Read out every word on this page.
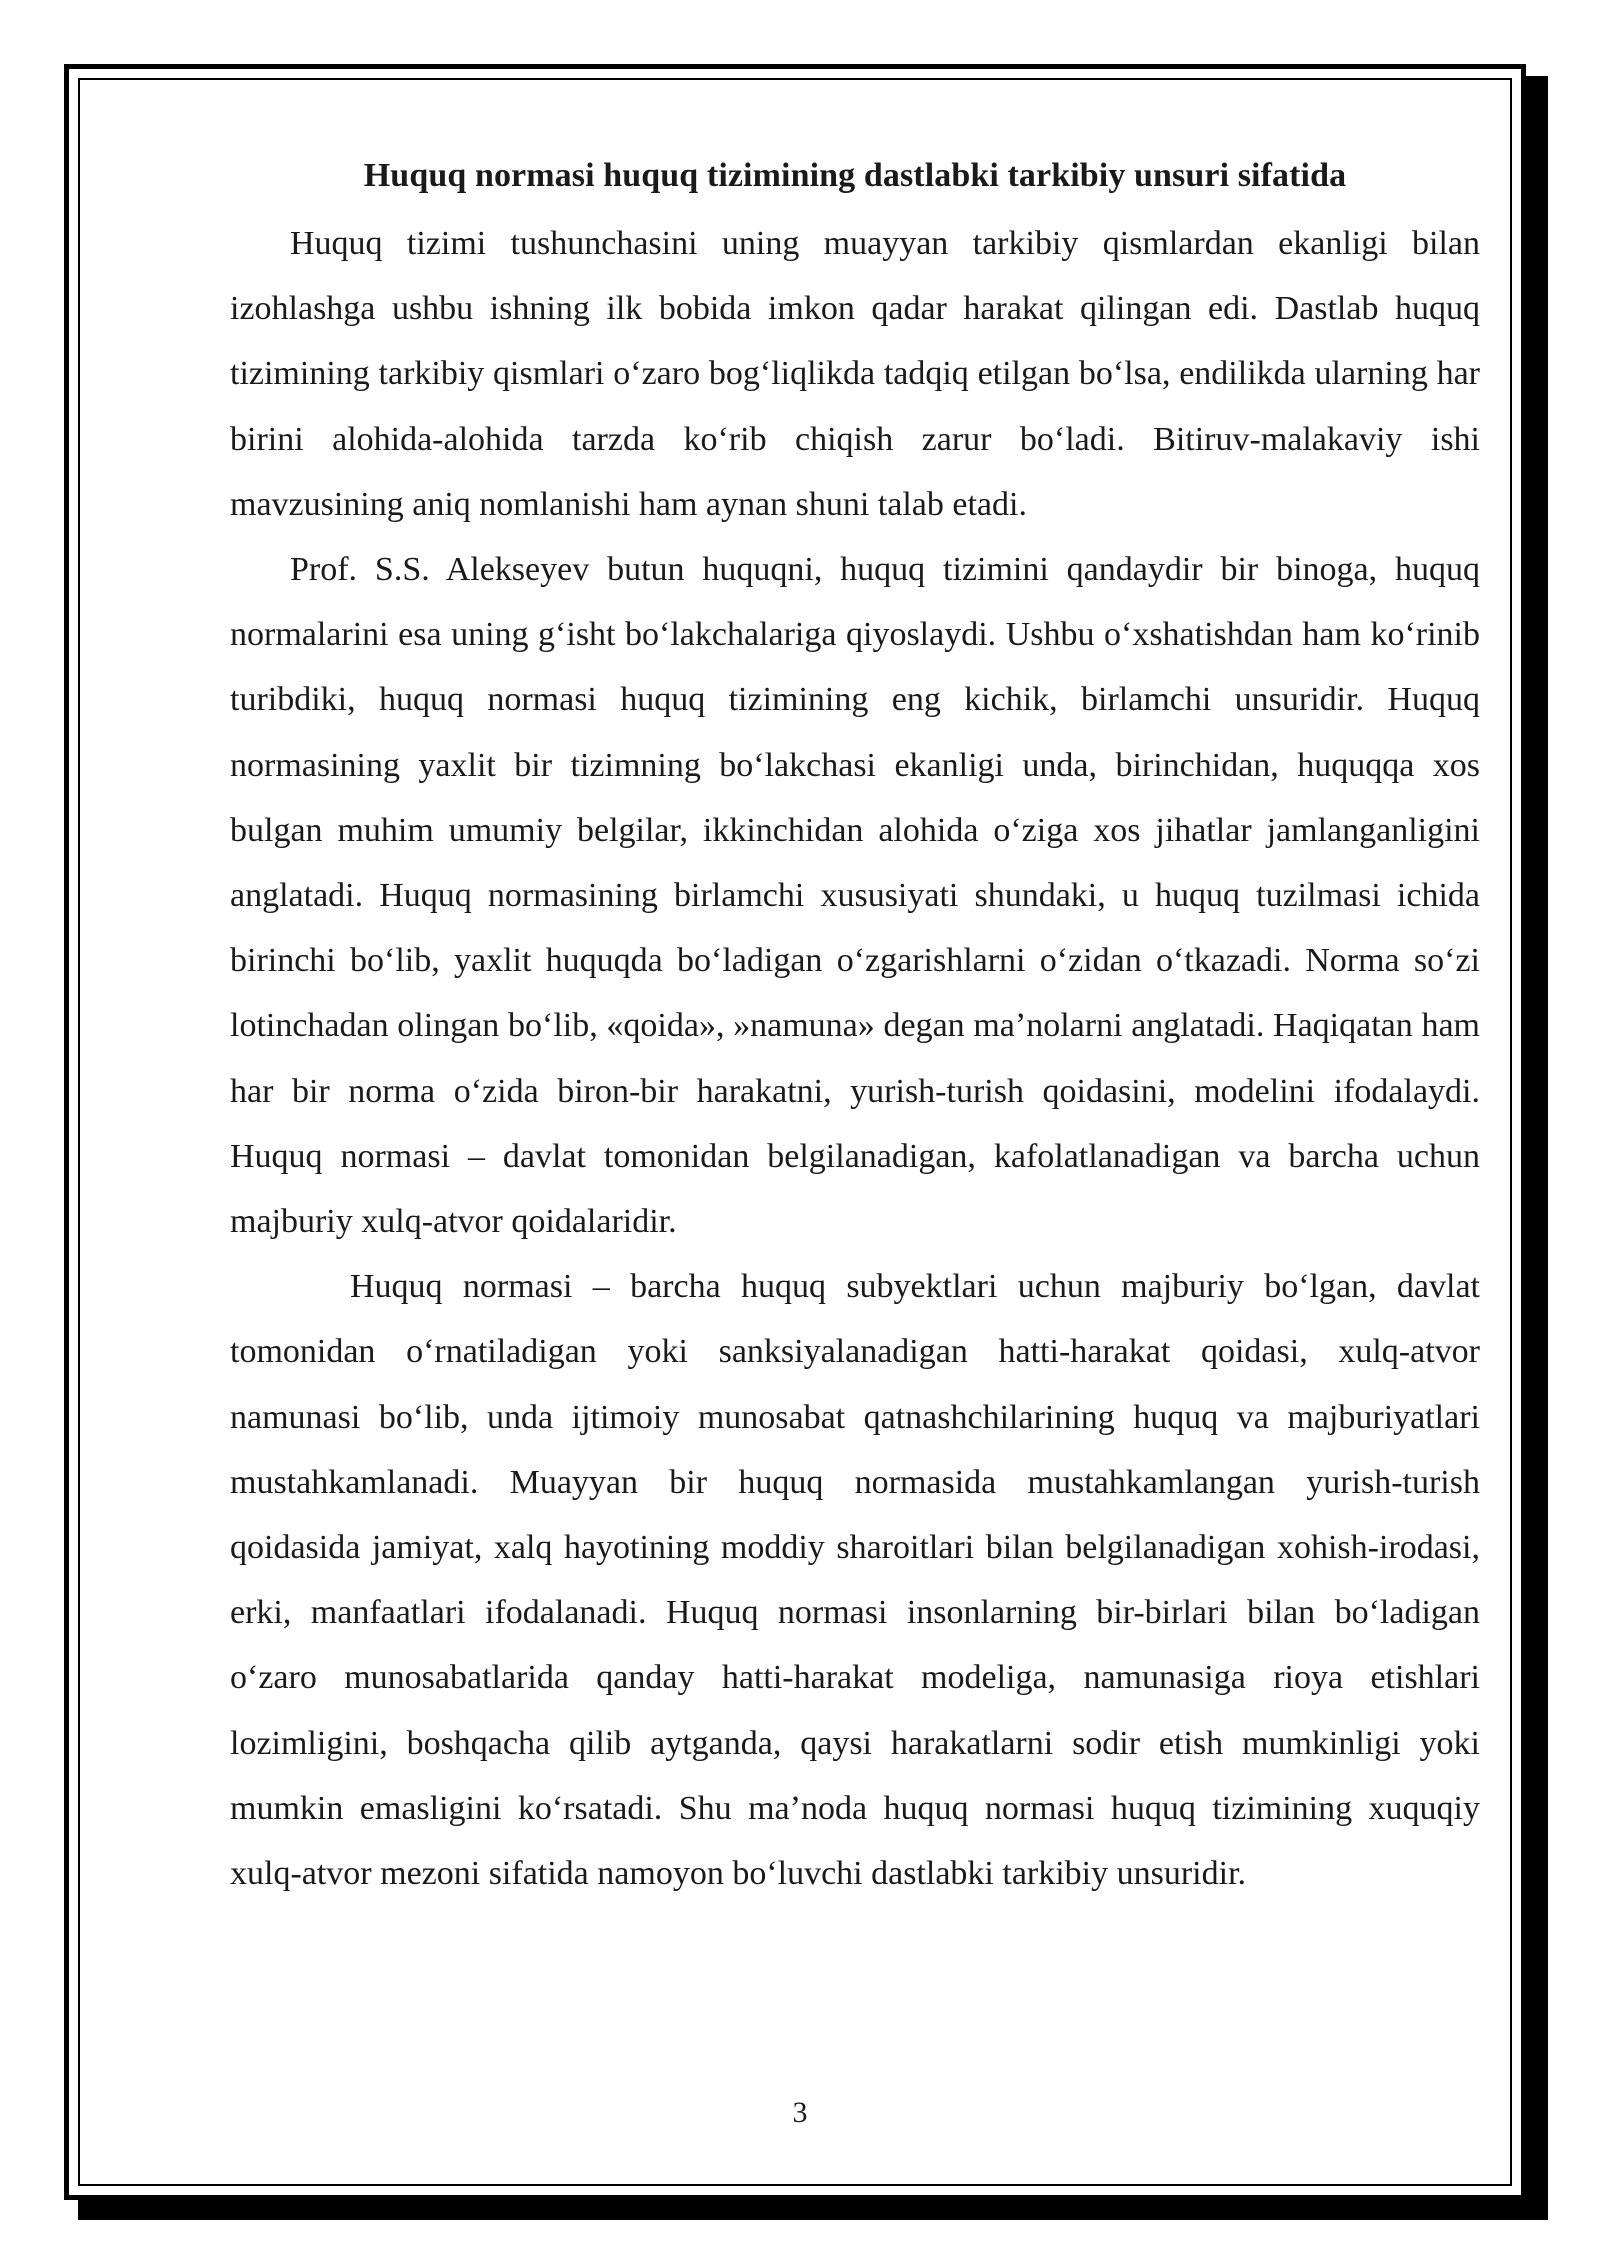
Huquq normasi huquq tizimining dastlabki tarkibiy unsuri sifatida

Huquq tizimi tushunchasini uning muayyan tarkibiy qismlardan ekanligi bilan izohlashga ushbu ishning ilk bobida imkon qadar harakat qilingan edi. Dastlab huquq tizimining tarkibiy qismlari oʻzaro bogʻliqlikda tadqiq etilgan boʻlsa, endilikda ularning har birini alohida-alohida tarzda koʻrib chiqish zarur boʻladi. Bitiruv-malakaviy ishi mavzusining aniq nomlanishi ham aynan shuni talab etadi.

Prof. S.S. Alekseyev butun huquqni, huquq tizimini qandaydir bir binoga, huquq normalarini esa uning gʻisht boʻlakchalariga qiyoslaydi. Ushbu oʻxshatishdan ham koʻrinib turibdiki, huquq normasi huquq tizimining eng kichik, birlamchi unsuridir. Huquq normasining yaxlit bir tizimning boʻlakchasi ekanligi unda, birinchidan, huquqqa xos bulgan muhim umumiy belgilar, ikkinchidan alohida oʻziga xos jihatlar jamlanganligini anglatadi. Huquq normasining birlamchi xususiyati shundaki, u huquq tuzilmasi ichida birinchi boʻlib, yaxlit huquqda boʻladigan oʻzgarishlarni oʻzidan oʻtkazadi. Norma soʻzi lotinchadan olingan boʻlib, «qoida», »namuna» degan maʼnolarni anglatadi. Haqiqatan ham har bir norma oʻzida biron-bir harakatni, yurish-turish qoidasini, modelini ifodalaydi. Huquq normasi – davlat tomonidan belgilanadigan, kafolatlanadigan va barcha uchun majburiy xulq-atvor qoidalaridir.

Huquq normasi – barcha huquq subyektlari uchun majburiy boʻlgan, davlat tomonidan oʻrnatiladigan yoki sanksiyalanadigan hatti-harakat qoidasi, xulq-atvor namunasi boʻlib, unda ijtimoiy munosabat qatnashchilarining huquq va majburiyatlari mustahkamlanadi. Muayyan bir huquq normasida mustahkamlangan yurish-turish qoidasida jamiyat, xalq hayotining moddiy sharoitlari bilan belgilanadigan xohish-irodasi, erki, manfaatlari ifodalanadi. Huquq normasi insonlarning bir-birlari bilan boʻladigan oʻzaro munosabatlarida qanday hatti-harakat modeliga, namunasiga rioya etishlari lozimligini, boshqacha qilib aytganda, qaysi harakatlarni sodir etish mumkinligi yoki mumkin emasligini koʻrsatadi. Shu maʼnoda huquq normasi huquq tizimining xuquqiy xulq-atvor mezoni sifatida namoyon boʻluvchi dastlabki tarkibiy unsuridir.

3
